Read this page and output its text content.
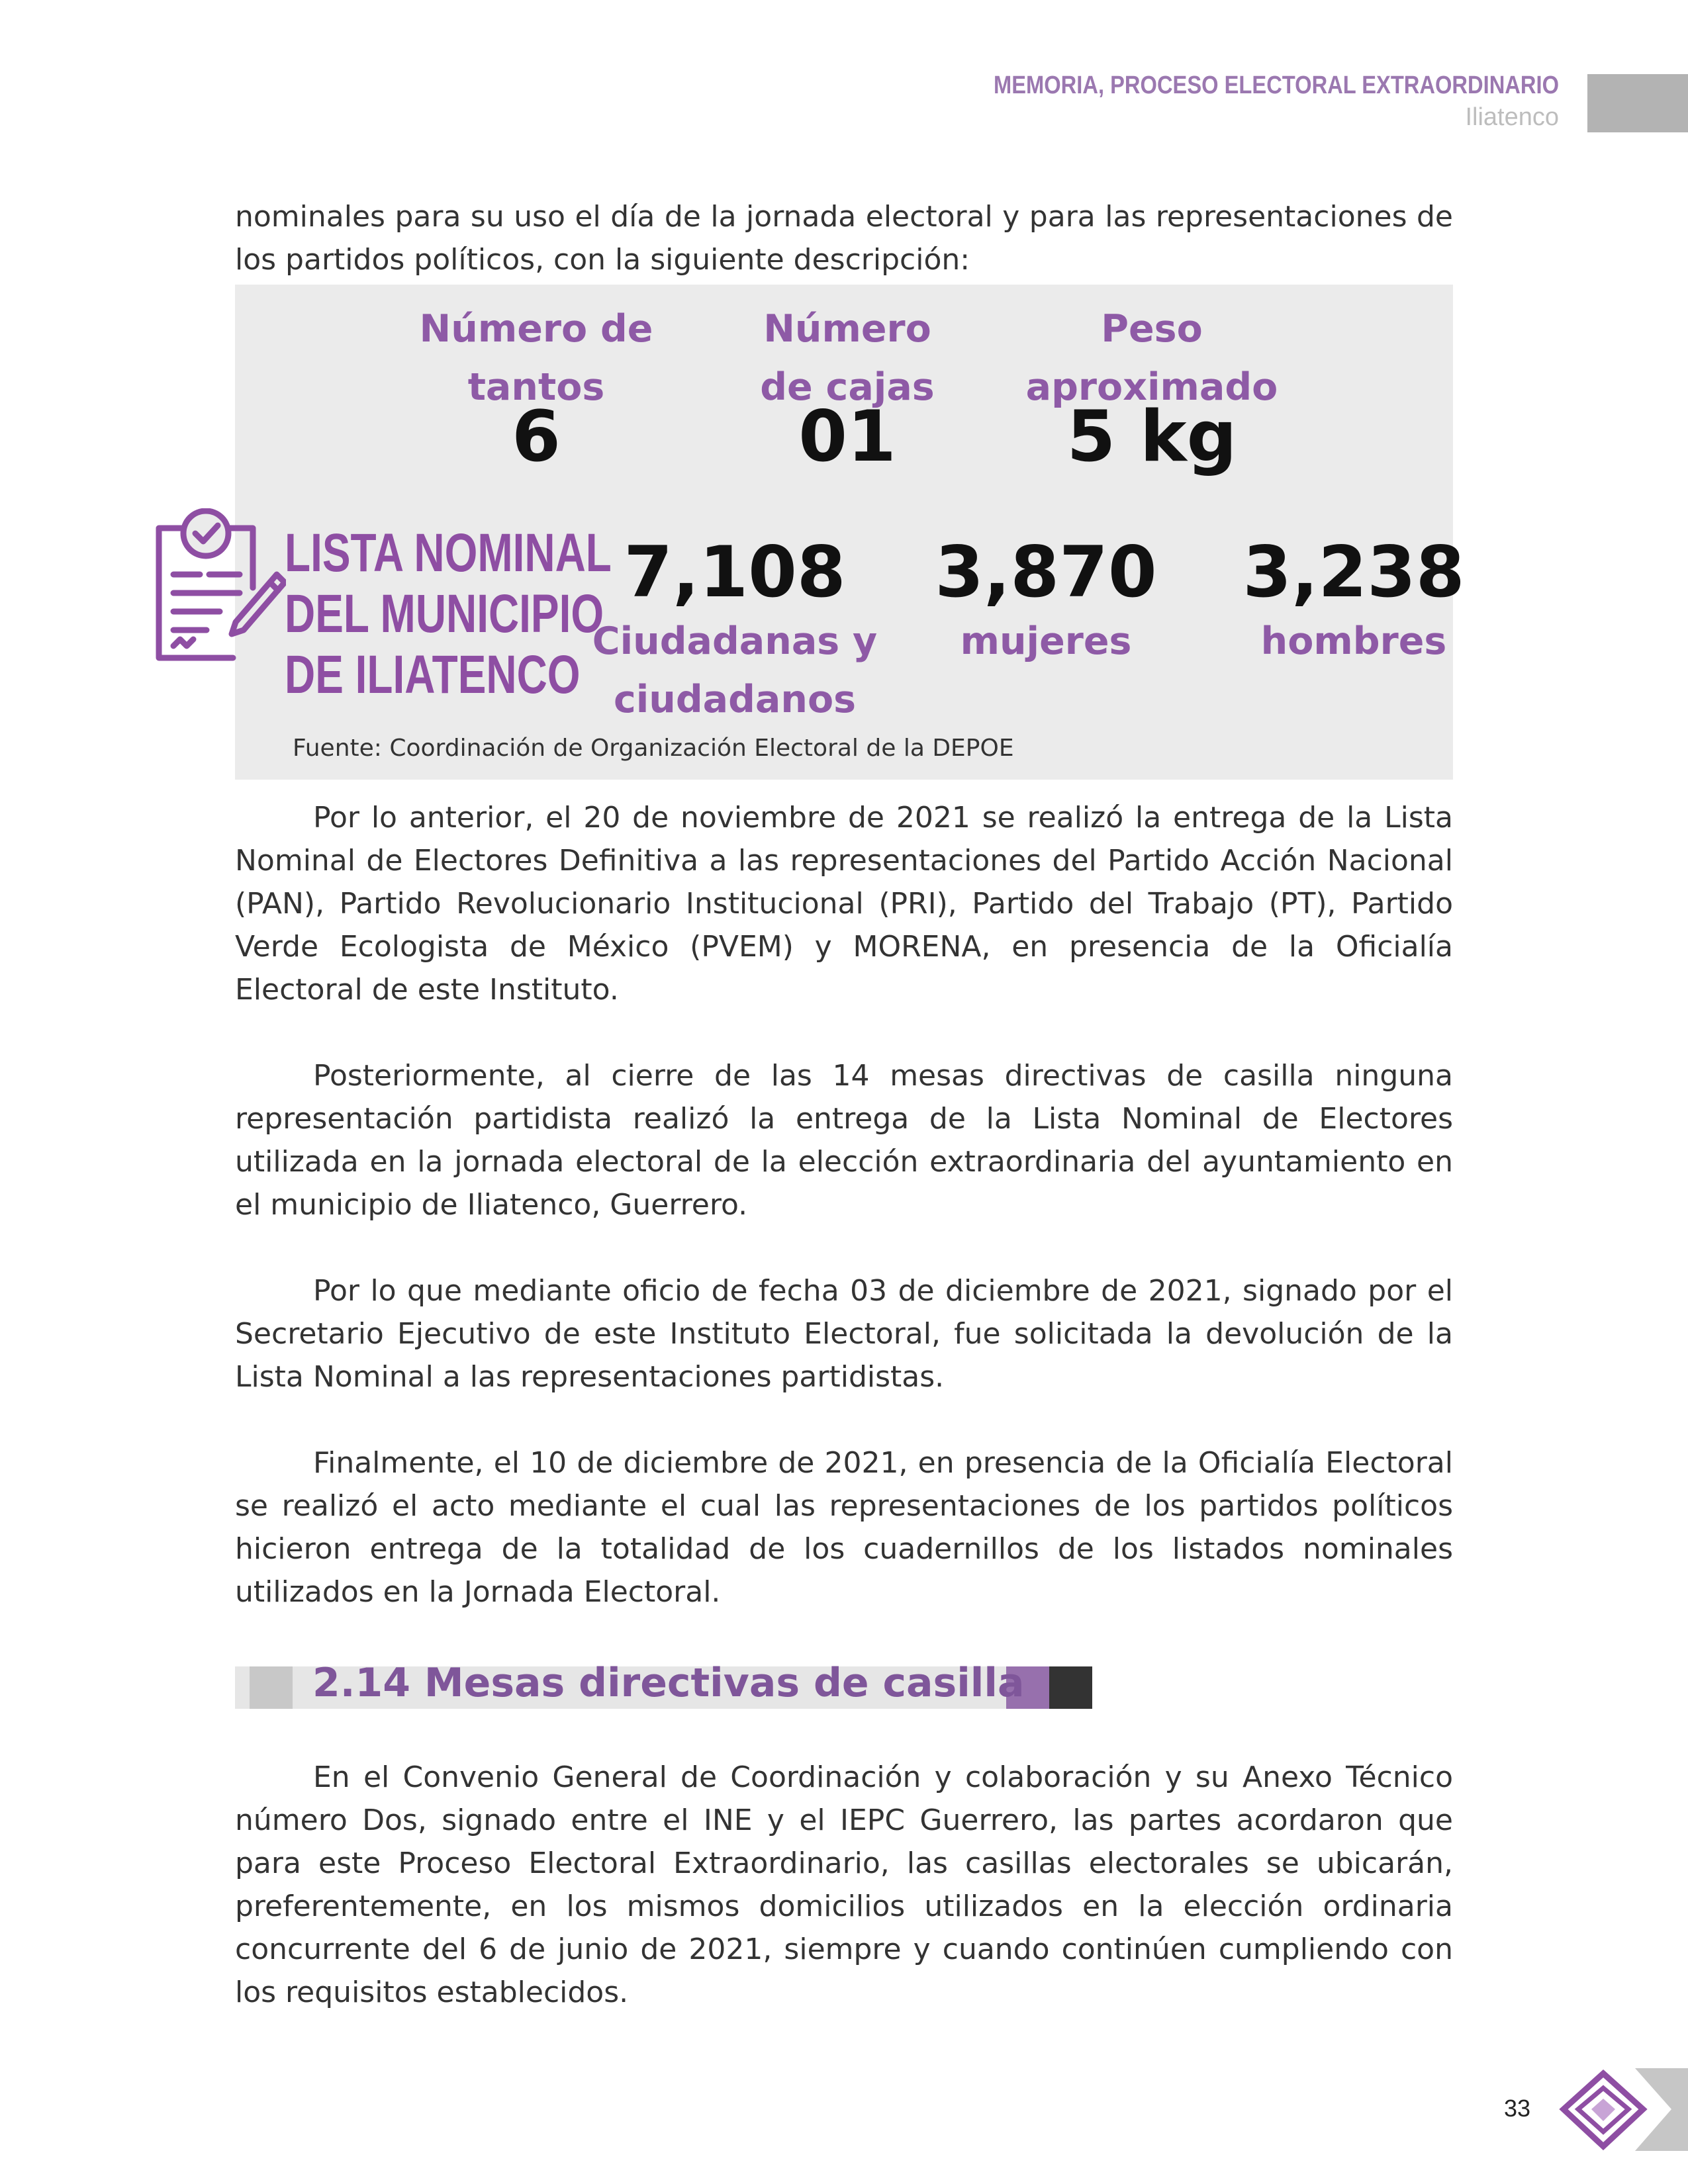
MEMORIA, PROCESO ELECTORAL EXTRAORDINARIO
Iliatenco

nominales para su uso el día de la jornada electoral y para las representaciones de los partidos políticos, con la siguiente descripción:

Número de
tantos
6
Número
de cajas
01
Peso
aproximado
5 kg
LISTA NOMINAL
DEL MUNICIPIO
DE ILIATENCO
7,108
Ciudadanas y
ciudadanos
3,870
mujeres
3,238
hombres
Fuente: Coordinación de Organización Electoral de la DEPOE

Por lo anterior, el 20 de noviembre de 2021 se realizó la entrega de la Lista Nominal de Electores Definitiva a las representaciones del Partido Acción Nacional (PAN), Partido Revolucionario Institucional (PRI), Partido del Trabajo (PT), Partido Verde Ecologista de México (PVEM) y MORENA, en presencia de la Oficialía Electoral de este Instituto.

Posteriormente, al cierre de las 14 mesas directivas de casilla ninguna representación partidista realizó la entrega de la Lista Nominal de Electores utilizada en la jornada electoral de la elección extraordinaria del ayuntamiento en el municipio de Iliatenco, Guerrero.

Por lo que mediante oficio de fecha 03 de diciembre de 2021, signado por el Secretario Ejecutivo de este Instituto Electoral, fue solicitada la devolución de la Lista Nominal a las representaciones partidistas.

Finalmente, el 10 de diciembre de 2021, en presencia de la Oficialía Electoral se realizó el acto mediante el cual las representaciones de los partidos políticos hicieron entrega de la totalidad de los cuadernillos de los listados nominales utilizados en la Jornada Electoral.

2.14 Mesas directivas de casilla

En el Convenio General de Coordinación y colaboración y su Anexo Técnico número Dos, signado entre el INE y el IEPC Guerrero, las partes acordaron que para este Proceso Electoral Extraordinario, las casillas electorales se ubicarán, preferentemente, en los mismos domicilios utilizados en la elección ordinaria concurrente del 6 de junio de 2021, siempre y cuando continúen cumpliendo con los requisitos establecidos.

33
